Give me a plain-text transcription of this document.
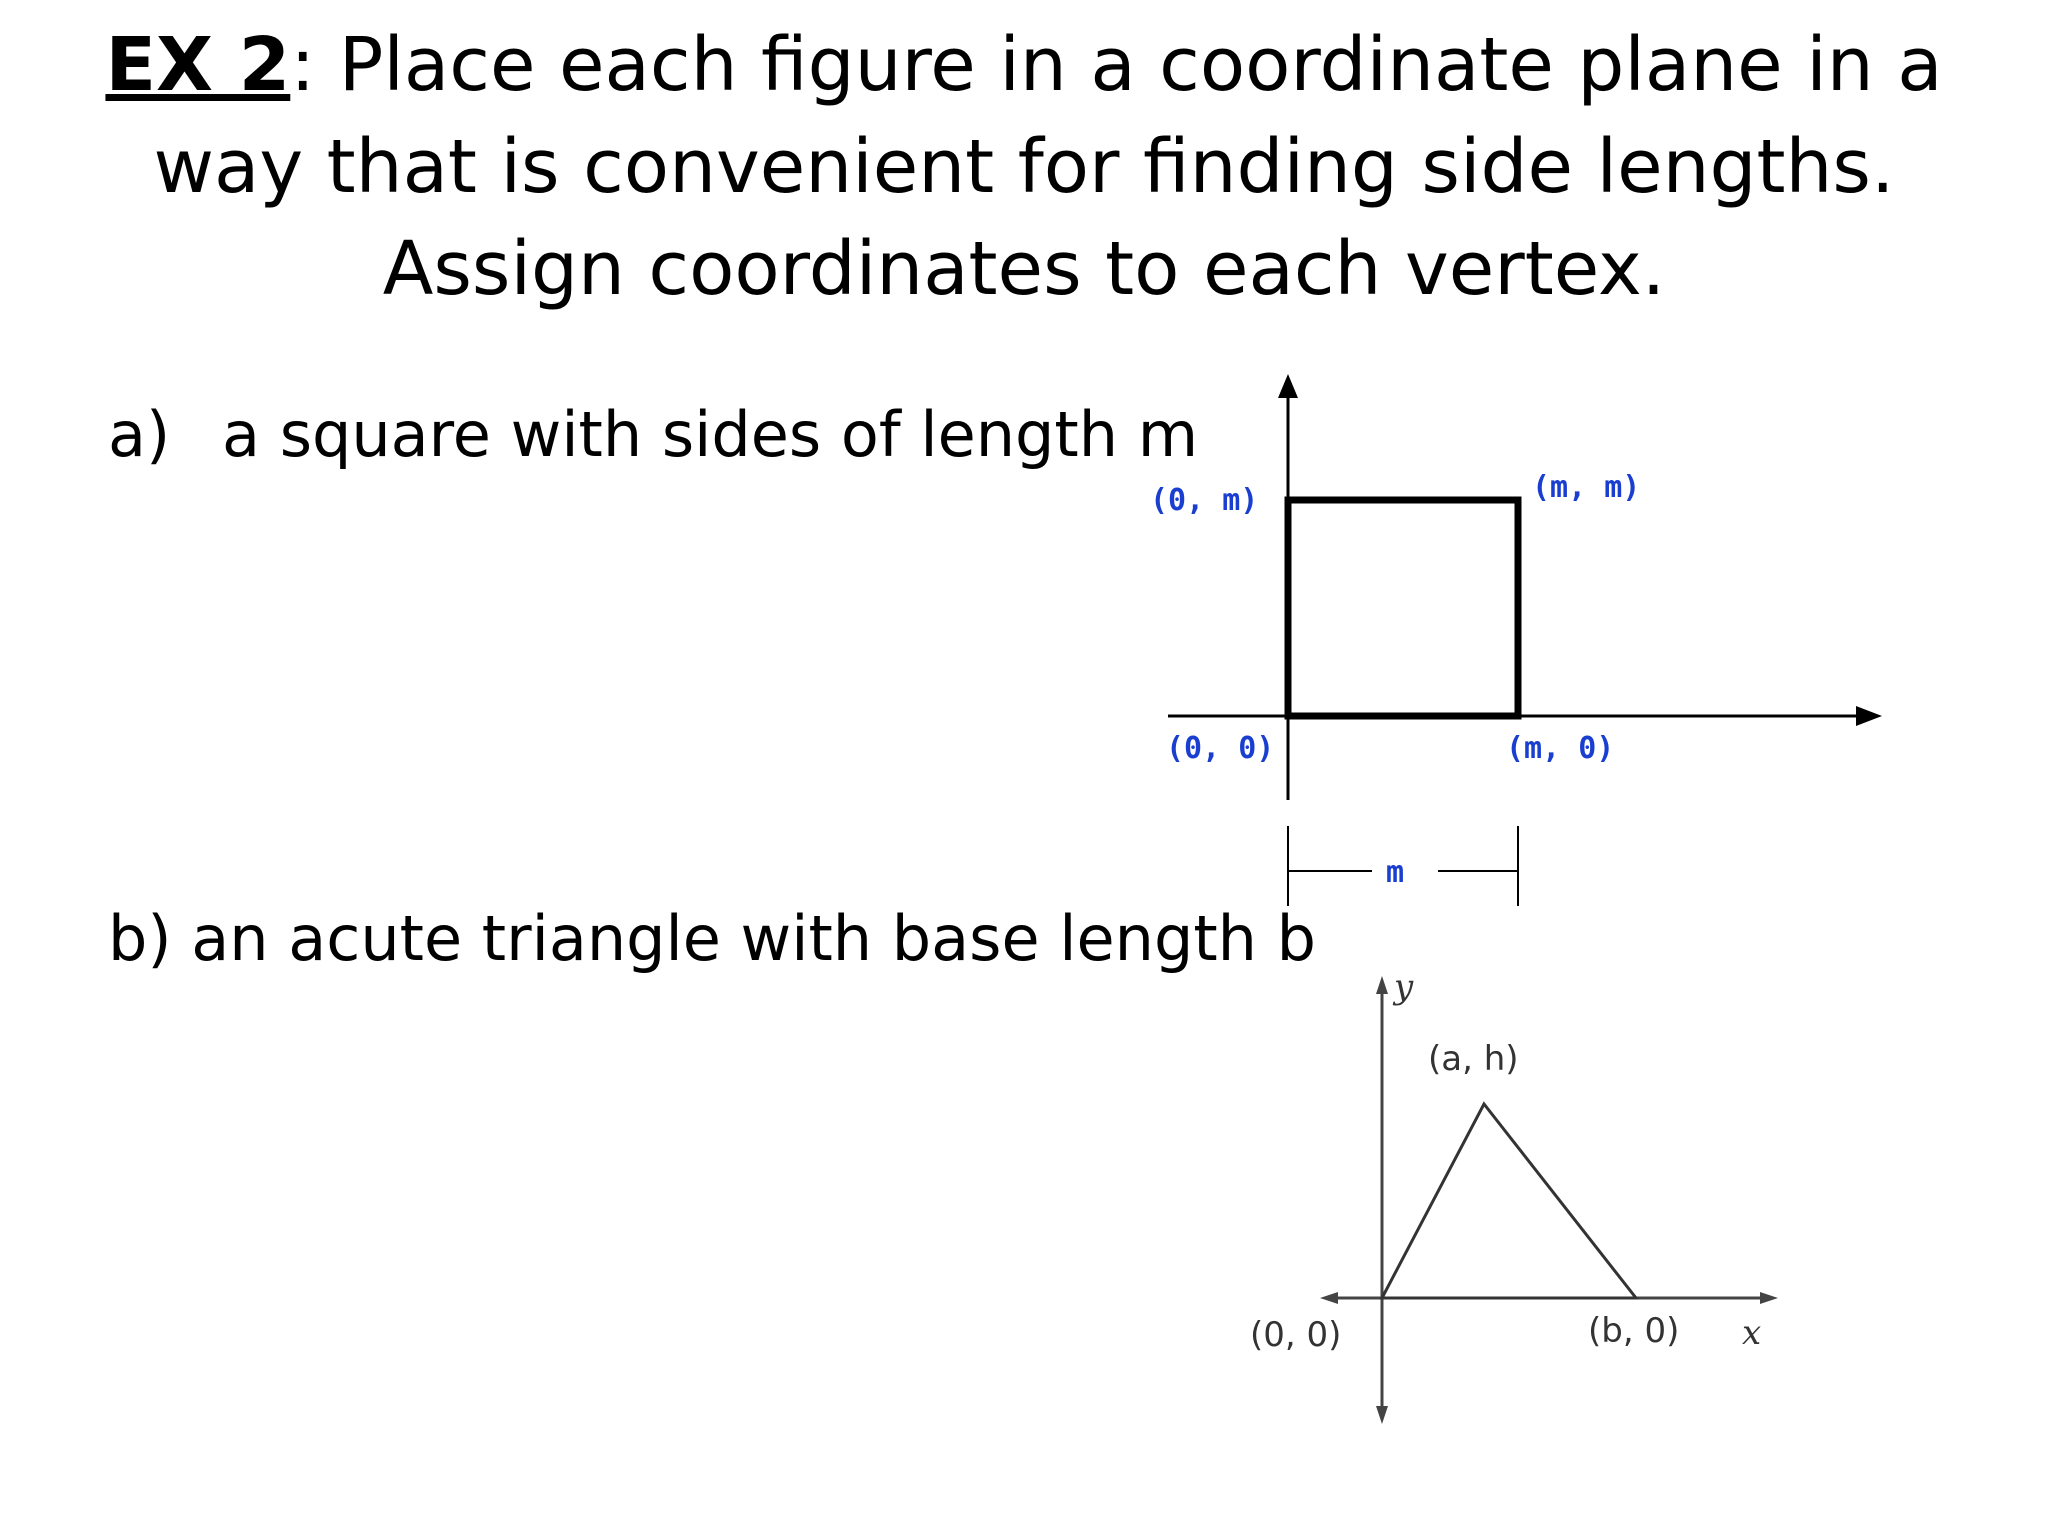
EX 2: Place each figure in a coordinate plane in a
way that is convenient for finding side lengths.
Assign coordinates to each vertex.
a) a square with sides of length m
b) an acute triangle with base length b
(0, m)	(m, m)
(0, 0)	(m, 0)
m
y
x
(a, h)
(0, 0)	(b, 0)
